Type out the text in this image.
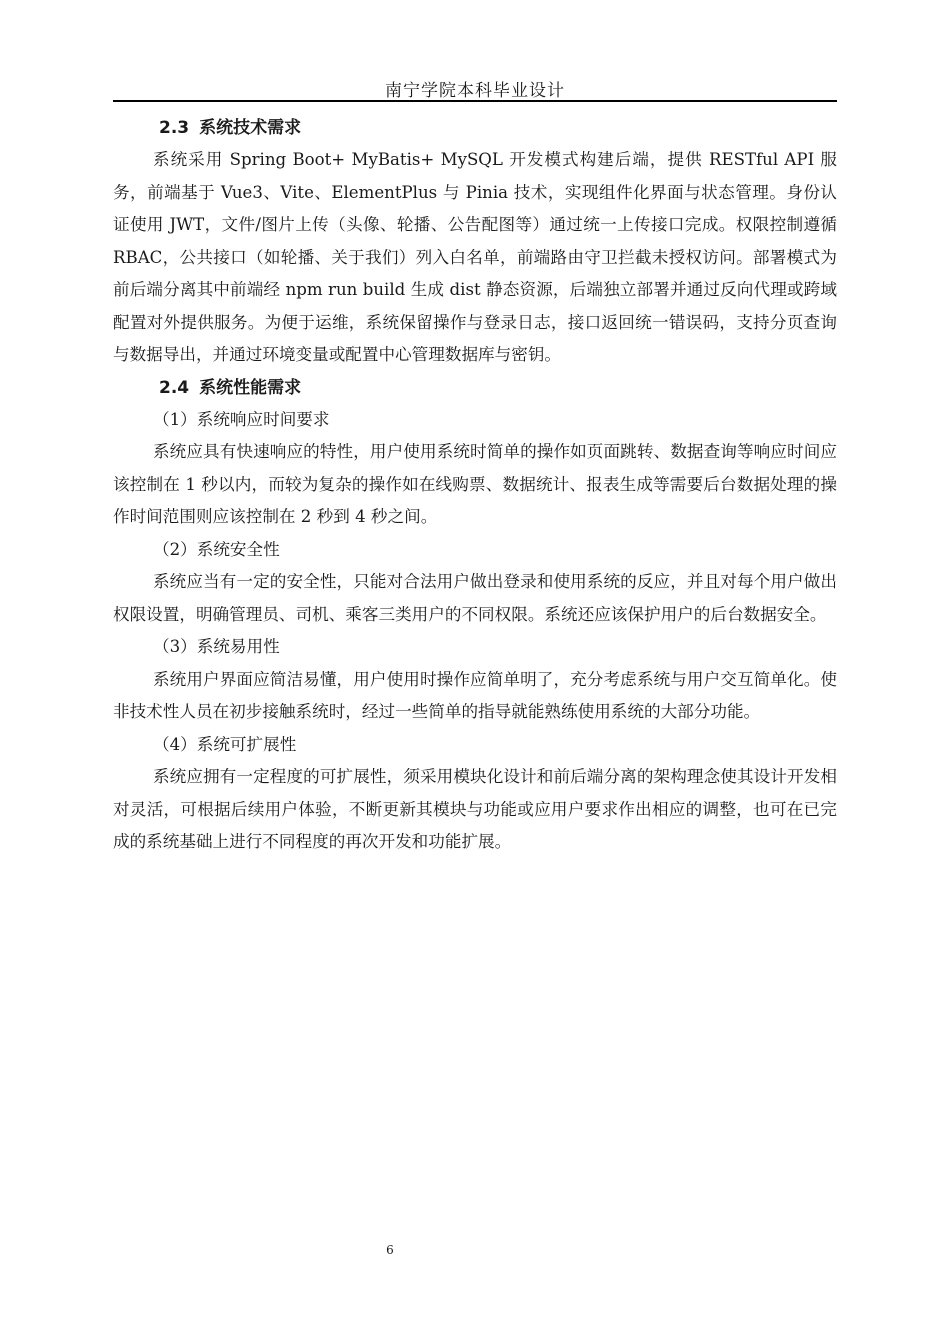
南宁学院本科毕业设计
2.3 系统技术需求

系统采用 Spring Boot+ MyBatis+ MySQL 开发模式构建后端，提供 RESTful API 服务，前端基于 Vue3、Vite、ElementPlus 与 Pinia 技术，实现组件化界面与状态管理。身份认证使用 JWT，文件/图片上传（头像、轮播、公告配图等）通过统一上传接口完成。权限控制遵循 RBAC，公共接口（如轮播、关于我们）列入白名单，前端路由守卫拦截未授权访问。部署模式为前后端分离其中前端经 npm run build 生成 dist 静态资源，后端独立部署并通过反向代理或跨域配置对外提供服务。为便于运维，系统保留操作与登录日志，接口返回统一错误码，支持分页查询与数据导出，并通过环境变量或配置中心管理数据库与密钥。

2.4 系统性能需求

（1）系统响应时间要求

系统应具有快速响应的特性，用户使用系统时简单的操作如页面跳转、数据查询等响应时间应该控制在 1 秒以内，而较为复杂的操作如在线购票、数据统计、报表生成等需要后台数据处理的操作时间范围则应该控制在 2 秒到 4 秒之间。

（2）系统安全性

系统应当有一定的安全性，只能对合法用户做出登录和使用系统的反应，并且对每个用户做出权限设置，明确管理员、司机、乘客三类用户的不同权限。系统还应该保护用户的后台数据安全。

（3）系统易用性

系统用户界面应简洁易懂，用户使用时操作应简单明了，充分考虑系统与用户交互简单化。使非技术性人员在初步接触系统时，经过一些简单的指导就能熟练使用系统的大部分功能。

（4）系统可扩展性

系统应拥有一定程度的可扩展性，须采用模块化设计和前后端分离的架构理念使其设计开发相对灵活，可根据后续用户体验，不断更新其模块与功能或应用户要求作出相应的调整，也可在已完成的系统基础上进行不同程度的再次开发和功能扩展。

6
